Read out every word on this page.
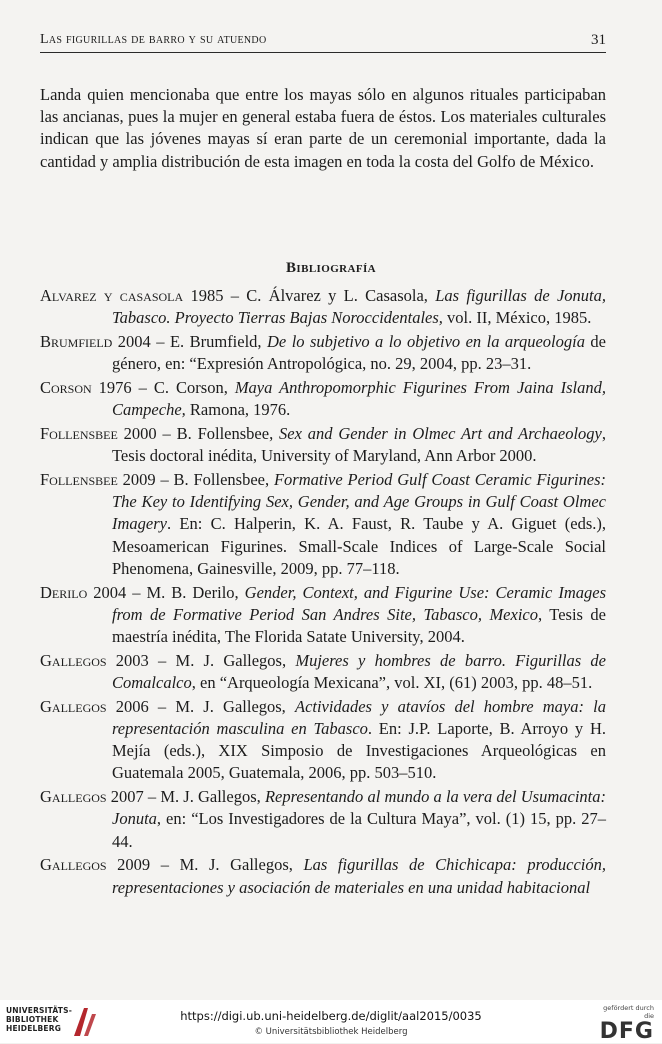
Las figurillas de barro y su atuendo	31

Landa quien mencionaba que entre los mayas sólo en algunos rituales participaban las ancianas, pues la mujer en general estaba fuera de éstos. Los materiales culturales indican que las jóvenes mayas sí eran parte de un ceremonial importante, dada la cantidad y amplia distribución de esta imagen en toda la costa del Golfo de México.

Bibliografía
Alvarez y casasola 1985 – C. Álvarez y L. Casasola, Las figurillas de Jonuta, Tabasco. Proyecto Tierras Bajas Noroccidentales, vol. II, México, 1985.
Brumfield 2004 – E. Brumfield, De lo subjetivo a lo objetivo en la arqueología de género, en: “Expresión Antropológica, no. 29, 2004, pp. 23–31.
Corson 1976 – C. Corson, Maya Anthropomorphic Figurines From Jaina Island, Campeche, Ramona, 1976.
Follensbee 2000 – B. Follensbee, Sex and Gender in Olmec Art and Archaeology, Tesis doctoral inédita, University of Maryland, Ann Arbor 2000.
Follensbee 2009 – B. Follensbee, Formative Period Gulf Coast Ceramic Figurines: The Key to Identifying Sex, Gender, and Age Groups in Gulf Coast Olmec Imagery. En: C. Halperin, K. A. Faust, R. Taube y A. Giguet (eds.), Mesoamerican Figurines. Small-Scale Indices of Large-Scale Social Phenomena, Gainesville, 2009, pp. 77–118.
Derilo 2004 – M. B. Derilo, Gender, Context, and Figurine Use: Ceramic Images from de Formative Period San Andres Site, Tabasco, Mexico, Tesis de maestría inédita, The Florida Satate University, 2004.
Gallegos 2003 – M. J. Gallegos, Mujeres y hombres de barro. Figurillas de Comalcalco, en “Arqueología Mexicana”, vol. XI, (61) 2003, pp. 48–51.
Gallegos 2006 – M. J. Gallegos, Actividades y atavíos del hombre maya: la representación masculina en Tabasco. En: J.P. Laporte, B. Arroyo y H. Mejía (eds.), XIX Simposio de Investigaciones Arqueológicas en Guatemala 2005, Guatemala, 2006, pp. 503–510.
Gallegos 2007 – M. J. Gallegos, Representando al mundo a la vera del Usumacinta: Jonuta, en: “Los Investigadores de la Cultura Maya”, vol. (1) 15, pp. 27–44.
Gallegos 2009 – M. J. Gallegos, Las figurillas de Chichicapa: producción, representaciones y asociación de materiales en una unidad habitacional
UNIVERSITÄTS-
BIBLIOTHEK
HEIDELBERG
https://digi.ub.uni-heidelberg.de/diglit/aal2015/0035
© Universitätsbibliothek Heidelberg
gefördert durch die
DFG
